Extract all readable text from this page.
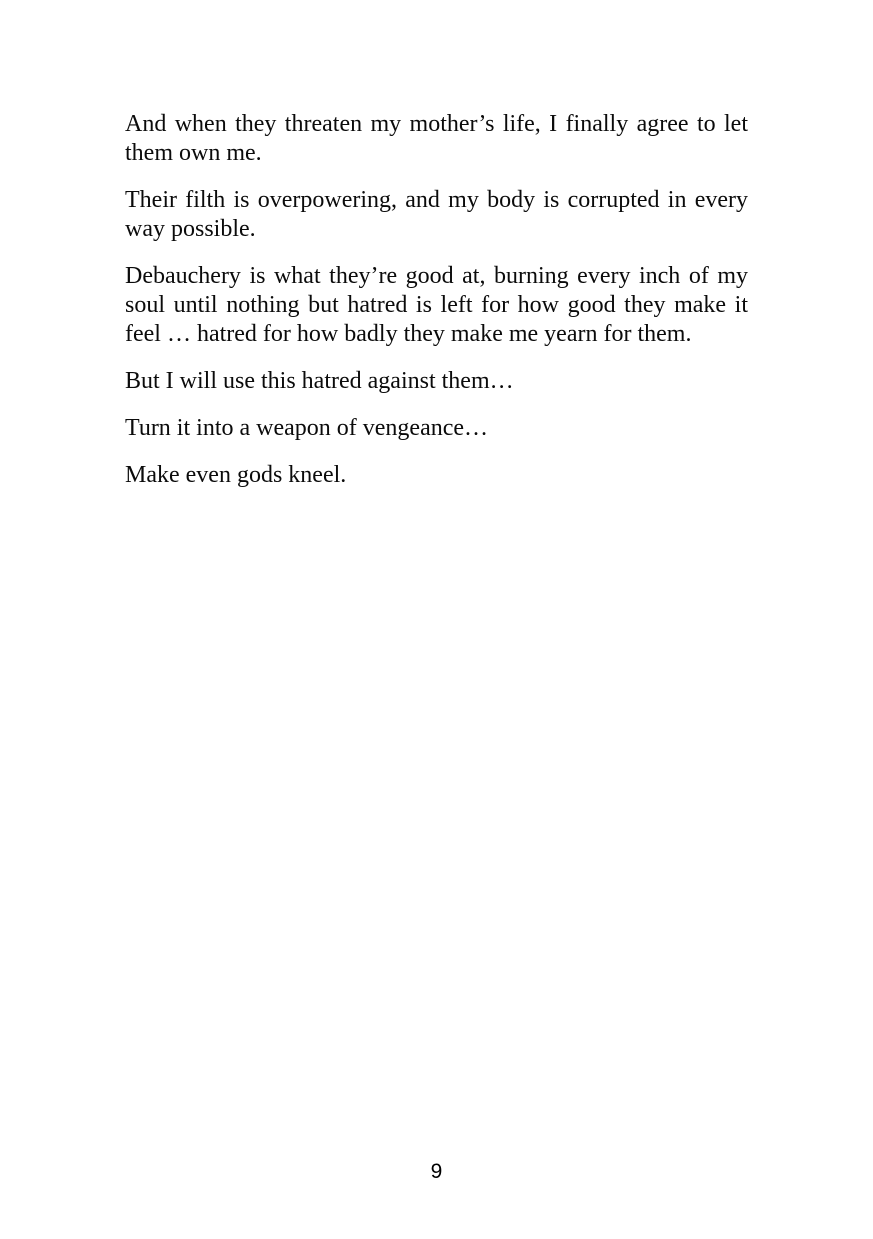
And when they threaten my mother’s life, I finally agree to let
them own me.
Their filth is overpowering, and my body is corrupted in every
way possible.
Debauchery is what they’re good at, burning every inch of my
soul until nothing but hatred is left for how good they make it
feel … hatred for how badly they make me yearn for them.
But I will use this hatred against them…
Turn it into a weapon of vengeance…
Make even gods kneel.
9
